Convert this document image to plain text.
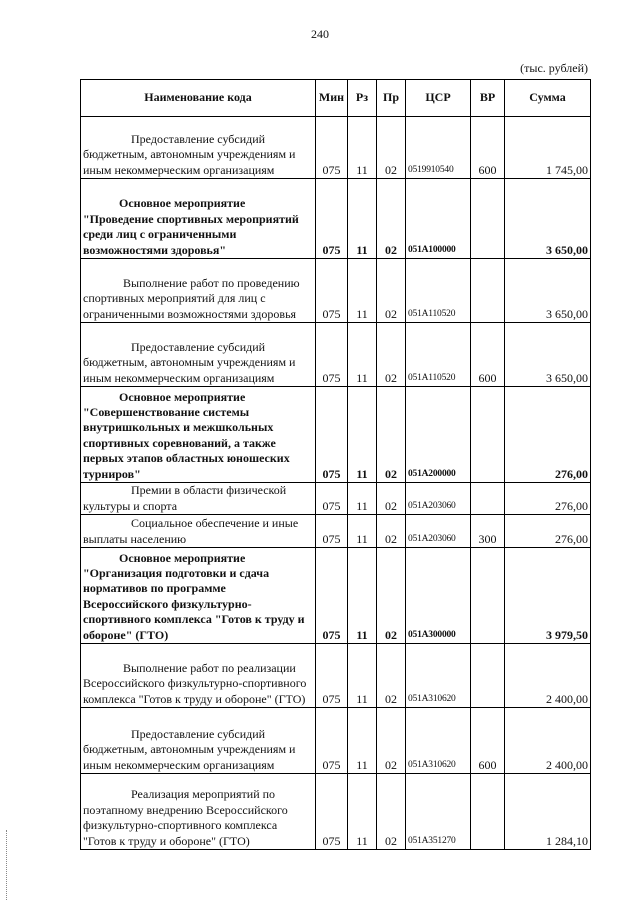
240
(тыс. рублей)
Наименование кода	Мин	Рз	Пр	ЦСР	ВР	Сумма

Предоставление субсидий бюджетным, автономным учреждениям и иным некоммерческим организациям	075	11	02	0519910540	600	1 745,00

Основное мероприятие "Проведение спортивных мероприятий среди лиц с ограниченными возможностями здоровья"	075	11	02	051A100000		3 650,00

Выполнение работ по проведению спортивных мероприятий для лиц с ограниченными возможностями здоровья	075	11	02	051A110520		3 650,00

Предоставление субсидий бюджетным, автономным учреждениям и иным некоммерческим организациям	075	11	02	051A110520	600	3 650,00

Основное мероприятие "Совершенствование системы внутришкольных и межшкольных спортивных соревнований, а также первых этапов областных юношеских турниров"	075	11	02	051A200000		276,00

Премии в области физической культуры и спорта	075	11	02	051A203060		276,00

Социальное обеспечение и иные выплаты населению	075	11	02	051A203060	300	276,00

Основное мероприятие "Организация подготовки и сдача нормативов по программе Всероссийского физкультурно-спортивного комплекса "Готов к труду и обороне" (ГТО)	075	11	02	051A300000		3 979,50

Выполнение работ по реализации Всероссийского физкультурно-спортивного комплекса "Готов к труду и обороне" (ГТО)	075	11	02	051A310620		2 400,00

Предоставление субсидий бюджетным, автономным учреждениям и иным некоммерческим организациям	075	11	02	051A310620	600	2 400,00

Реализация мероприятий по поэтапному внедрению Всероссийского физкультурно-спортивного комплекса "Готов к труду и обороне" (ГТО)	075	11	02	051A351270		1 284,10
